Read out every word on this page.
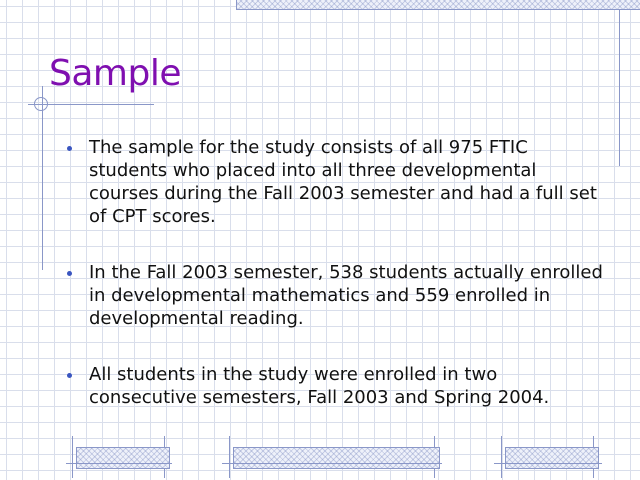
Sample
The sample for the study consists of all 975 FTIC students who placed into all three developmental courses during the Fall 2003 semester and had a full set of CPT scores.
In the Fall 2003 semester, 538 students actually enrolled in developmental mathematics and 559 enrolled in developmental reading.
All students in the study were enrolled in two consecutive semesters, Fall 2003 and Spring 2004.
